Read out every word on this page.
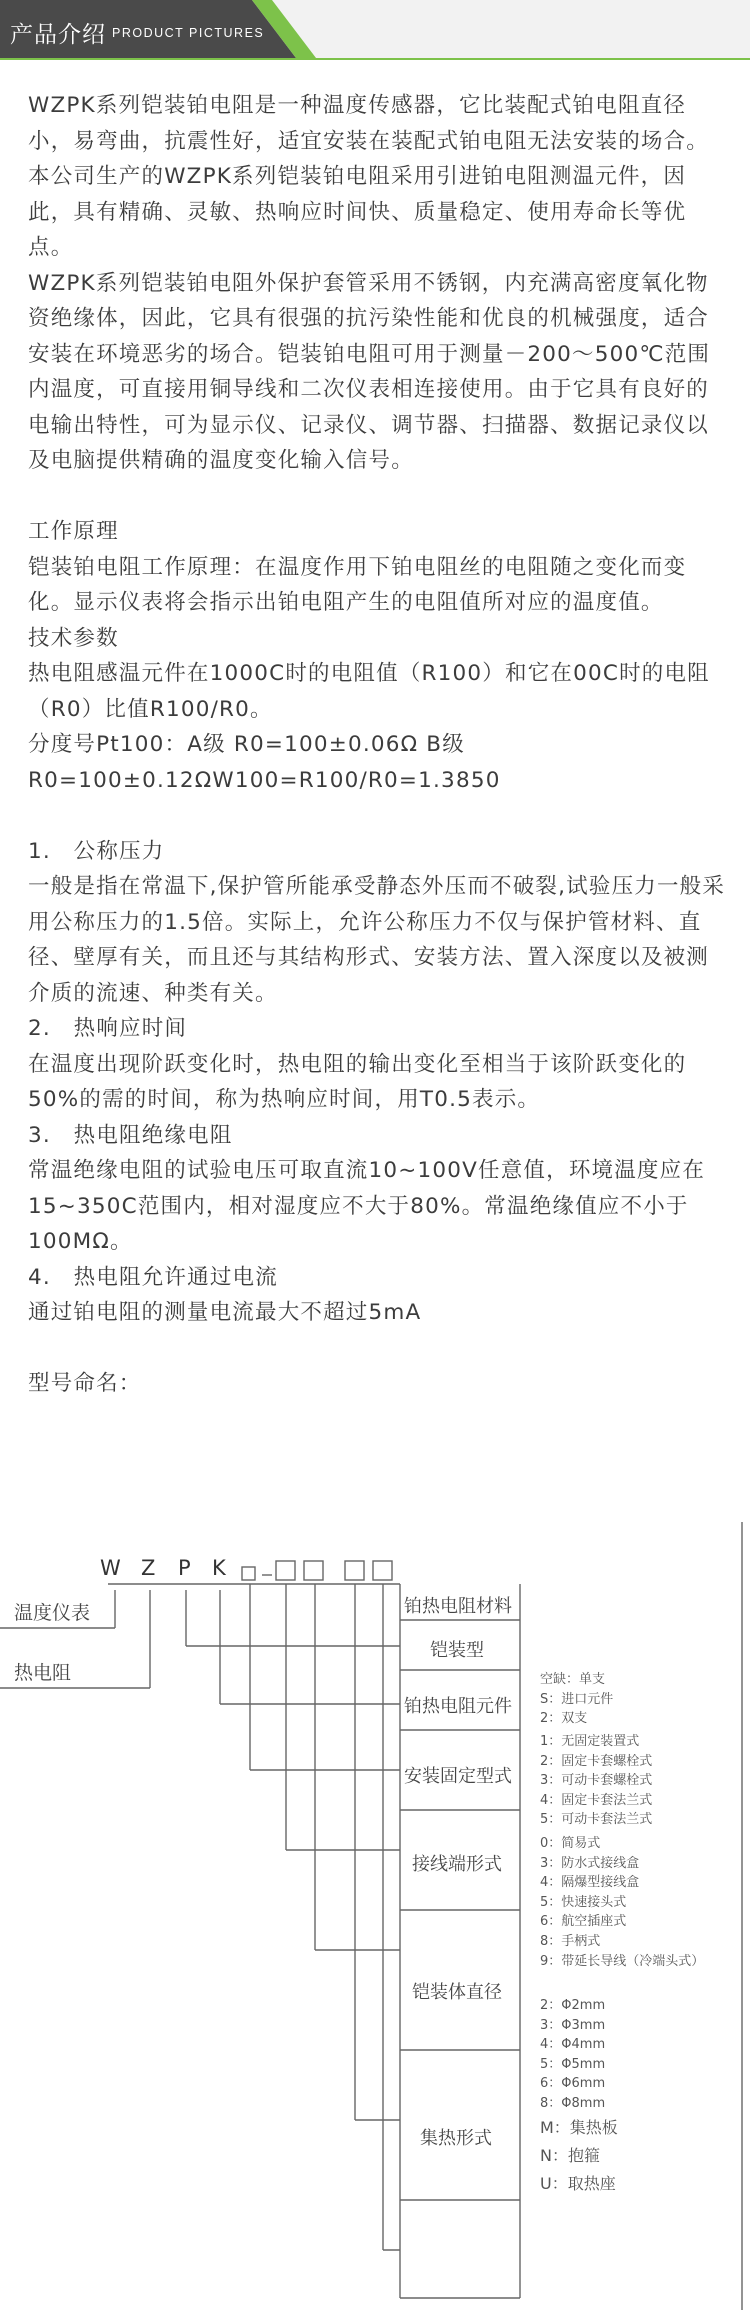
产品介绍 PRODUCT PICTURES

WZPK系列铠装铂电阻是一种温度传感器，它比装配式铂电阻直径小，易弯曲，抗震性好，适宜安装在装配式铂电阻无法安装的场合。本公司生产的WZPK系列铠装铂电阻采用引进铂电阻测温元件，因此，具有精确、灵敏、热响应时间快、质量稳定、使用寿命长等优点。

WZPK系列铠装铂电阻外保护套管采用不锈钢，内充满高密度氧化物资绝缘体，因此，它具有很强的抗污染性能和优良的机械强度，适合安装在环境恶劣的场合。铠装铂电阻可用于测量－200～500℃范围内温度，可直接用铜导线和二次仪表相连接使用。由于它具有良好的电输出特性，可为显示仪、记录仪、调节器、扫描器、数据记录仪以及电脑提供精确的温度变化输入信号。

工作原理

铠装铂电阻工作原理：在温度作用下铂电阻丝的电阻随之变化而变化。显示仪表将会指示出铂电阻产生的电阻值所对应的温度值。

技术参数

热电阻感温元件在1000C时的电阻值（R100）和它在00C时的电阻（R0）比值R100/R0。

分度号Pt100：A级 R0=100±0.06Ω B级

R0=100±0.12ΩW100=R100/R0=1.3850

1.　公称压力

一般是指在常温下,保护管所能承受静态外压而不破裂,试验压力一般采用公称压力的1.5倍。实际上，允许公称压力不仅与保护管材料、直径、壁厚有关，而且还与其结构形式、安装方法、置入深度以及被测介质的流速、种类有关。

2.　热响应时间

在温度出现阶跃变化时，热电阻的输出变化至相当于该阶跃变化的50%的需的时间，称为热响应时间，用T0.5表示。

3.　热电阻绝缘电阻

常温绝缘电阻的试验电压可取直流10~100V任意值，环境温度应在15~350C范围内，相对湿度应不大于80%。常温绝缘值应不小于100MΩ。

4.　热电阻允许通过电流

通过铂电阻的测量电流最大不超过5mA

型号命名：

W Z P K
温度仪表
热电阻
铂热电阻材料
铠装型
铂热电阻元件
安装固定型式
接线端形式
铠装体直径
集热形式
空缺：单支
S：进口元件
2：双支
1：无固定装置式
2：固定卡套螺栓式
3：可动卡套螺栓式
4：固定卡套法兰式
5：可动卡套法兰式
0：简易式
3：防水式接线盒
4：隔爆型接线盒
5：快速接头式
6：航空插座式
8：手柄式
9：带延长导线（冷端头式）
2：Φ2mm
3：Φ3mm
4：Φ4mm
5：Φ5mm
6：Φ6mm
8：Φ8mm
M：集热板
N：抱箍
U：取热座
